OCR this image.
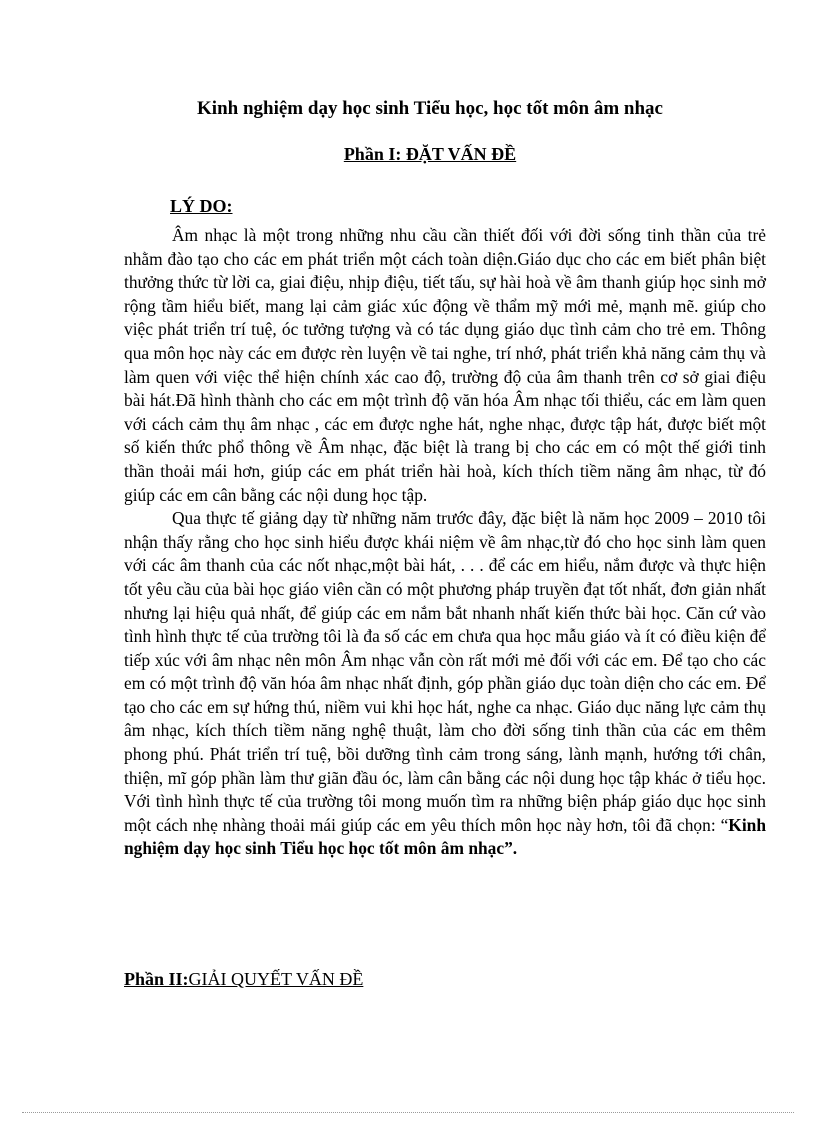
Kinh nghiệm dạy học sinh Tiểu học, học tốt môn âm nhạc
Phần I: ĐẶT VẤN ĐỀ
LÝ DO:

Âm nhạc là một trong những nhu cầu cần thiết đối với đời sống tinh thần của trẻ nhằm đào tạo cho các em phát triển một cách toàn diện.Giáo dục cho các em biết phân biệt thưởng thức từ lời ca, giai điệu, nhịp điệu, tiết tấu, sự hài hoà về âm thanh giúp học sinh mở rộng tầm hiểu biết, mang lại cảm giác xúc động về thẩm mỹ mới mẻ, mạnh mẽ. giúp cho việc phát triển trí tuệ, óc tưởng tượng và có tác dụng giáo dục tình cảm cho trẻ em. Thông qua môn học này các em được rèn luyện về tai nghe, trí nhớ, phát triển khả năng cảm thụ và làm quen với việc thể hiện chính xác cao độ, trường độ của âm thanh trên cơ sở giai điệu bài hát.Đã hình thành cho các em một trình độ văn hóa Âm nhạc tối thiểu, các em làm quen với cách cảm thụ âm nhạc , các em được nghe hát, nghe nhạc, được tập hát, được biết một số kiến thức phổ thông về Âm nhạc, đặc biệt là trang bị cho các em có một thế giới tinh thần thoải mái hơn, giúp các em phát triển hài hoà, kích thích tiềm năng âm nhạc, từ đó giúp các em cân bằng các nội dung học tập.

Qua thực tế giảng dạy từ những năm trước đây, đặc biệt là năm học 2009 – 2010 tôi nhận thấy rằng cho học sinh hiểu được khái niệm về âm nhạc,từ đó cho học sinh làm quen với các âm thanh của các nốt nhạc,một bài hát, . . . để các em hiểu, nắm được và thực hiện tốt yêu cầu của bài học giáo viên cần có một phương pháp truyền đạt tốt nhất, đơn giản nhất nhưng lại hiệu quả nhất, để giúp các em nắm bắt nhanh nhất kiến thức bài học. Căn cứ vào tình hình thực tế của trường tôi là đa số các em chưa qua học mẫu giáo và ít có điều kiện để tiếp xúc với âm nhạc nên môn Âm nhạc vẫn còn rất mới mẻ đối với các em. Để tạo cho các em có một trình độ văn hóa âm nhạc nhất định, góp phần giáo dục toàn diện cho các em. Để tạo cho các em sự hứng thú, niềm vui khi học hát, nghe ca nhạc. Giáo dục năng lực cảm thụ âm nhạc, kích thích tiềm năng nghệ thuật, làm cho đời sống tinh thần của các em thêm phong phú. Phát triển trí tuệ, bồi dưỡng tình cảm trong sáng, lành mạnh, hướng tới chân, thiện, mĩ góp phần làm thư giãn đầu óc, làm cân bằng các nội dung học tập khác ở tiểu học. Với tình hình thực tế của trường tôi mong muốn tìm ra những biện pháp giáo dục học sinh một cách nhẹ nhàng thoải mái giúp các em yêu thích môn học này hơn, tôi đã chọn: “Kinh nghiệm dạy học sinh Tiểu học học tốt môn âm nhạc”.

Phần II:GIẢI QUYẾT VẤN ĐỀ
